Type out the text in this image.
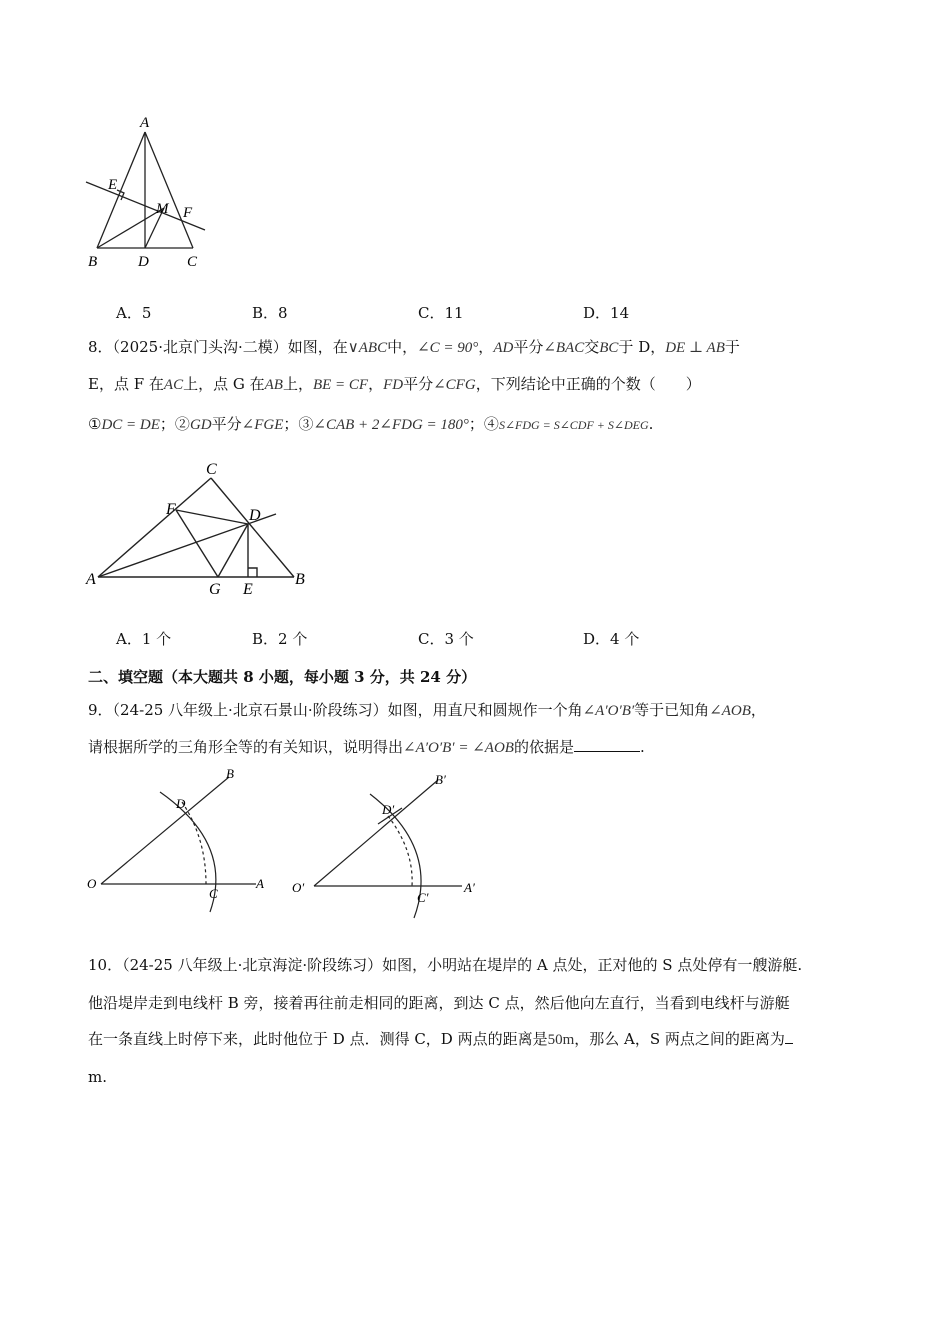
A
E
M F
B	D	C
A．5	B．8	C．11	D．14
8．（2025·北京门头沟·二模）如图，在∨ABC中，∠C = 90°，AD平分∠BAC交BC于 D，DE ⊥ AB于
E，点 F 在AC上，点 G 在AB上，BE = CF，FD平分∠CFG，下列结论中正确的个数（　　）
①DC = DE；②GD平分∠FGE；③∠CAB + 2∠FDG = 180°；④S∠FDG = S∠CDF + S∠DEG.
C
F	D
A
G E
B
A．1 个	B．2 个	C．3 个	D．4 个
二、填空题（本大题共 8 小题，每小题 3 分，共 24 分）
9．（24-25 八年级上·北京石景山·阶段练习）如图，用直尺和圆规作一个角∠A′O′B′等于已知角∠AOB，
请根据所学的三角形全等的有关知识，说明得出∠A′O′B′ = ∠AOB的依据是	.
B
D
O
C
A
B′
D′
O′
C′
A′
10．（24-25 八年级上·北京海淀·阶段练习）如图，小明站在堤岸的 A 点处，正对他的 S 点处停有一艘游艇.
他沿堤岸走到电线杆 B 旁，接着再往前走相同的距离，到达 C 点，然后他向左直行，当看到电线杆与游艇
在一条直线上时停下来，此时他位于 D 点．测得 C，D 两点的距离是50m，那么 A，S 两点之间的距离为
m.
